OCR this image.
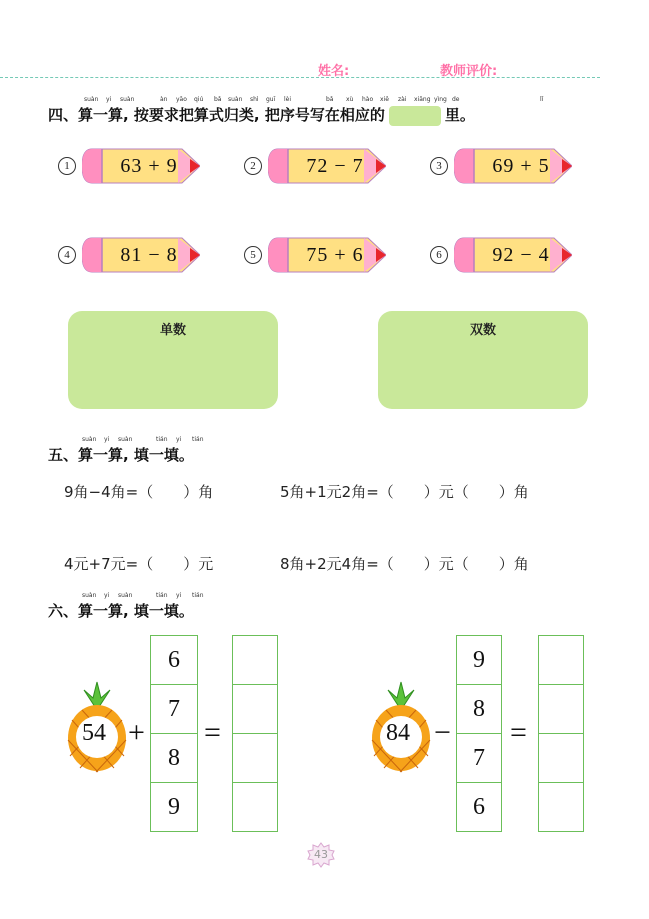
姓名:	教师评价:
四、算一算, 按要求把算式归类, 把序号写在相应的	里。
suàn yi suàn	àn yāo qiú bǎ suàn shì guī lèi	bǎ xù hào xiě zài xiāng yìng de	lǐ
1	63 + 9	2	72 − 7	3	69 + 5
4	81 − 8	5	75 + 6	6	92 − 4
单数	双数
五、算一算, 填一填。
suàn yi suàn	tián yi tián
9角−4角=（　　）角	5角+1元2角=（　　）元（　　）角
4元+7元=（　　）元	8角+2元4角=（　　）元（　　）角
六、算一算, 填一填。
suàn yi suàn	tián yi tián
54 +
6
7
8
9
=	84 −
9
8
7
6
=
43
